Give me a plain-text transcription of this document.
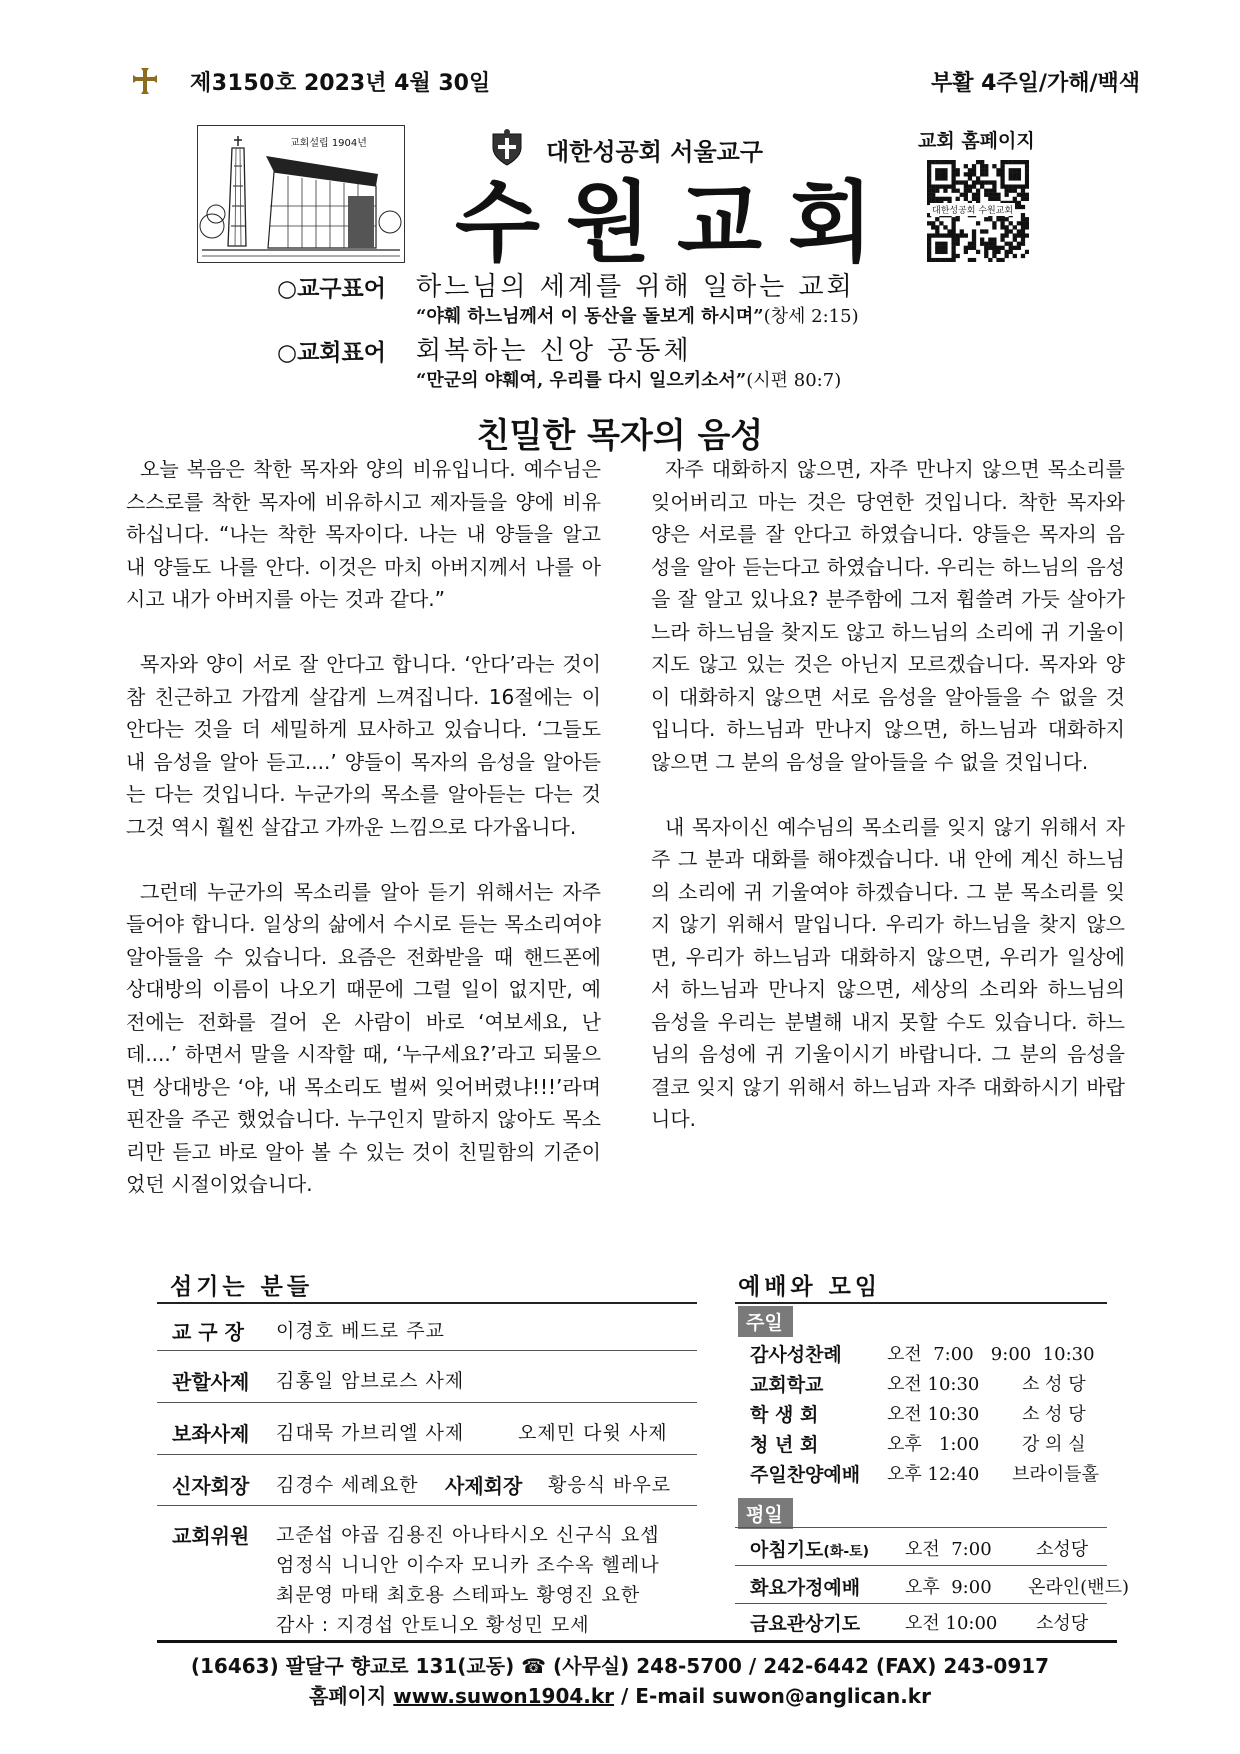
제3150호 2023년 4월 30일	부활 4주일/가해/백색
교회설립 1904년	대한성공회 서울교구
수원교회
교회 홈페이지
대한성공회 수원교회
○교구표어 하느님의 세계를 위해 일하는 교회
“야훼 하느님께서 이 동산을 돌보게 하시며”(창세 2:15)
○교회표어 회복하는 신앙 공동체
“만군의 야훼여, 우리를 다시 일으키소서”(시편 80:7)
친밀한 목자의 음성

오늘 복음은 착한 목자와 양의 비유입니다. 예수님은 스스로를 착한 목자에 비유하시고 제자들을 양에 비유하십니다. “나는 착한 목자이다. 나는 내 양들을 알고 내 양들도 나를 안다. 이것은 마치 아버지께서 나를 아시고 내가 아버지를 아는 것과 같다.”

목자와 양이 서로 잘 안다고 합니다. ‘안다’라는 것이 참 친근하고 가깝게 살갑게 느껴집니다. 16절에는 이 안다는 것을 더 세밀하게 묘사하고 있습니다. ‘그들도 내 음성을 알아 듣고....’ 양들이 목자의 음성을 알아듣는 다는 것입니다. 누군가의 목소를 알아듣는 다는 것 그것 역시 훨씬 살갑고 가까운 느낌으로 다가옵니다.

그런데 누군가의 목소리를 알아 듣기 위해서는 자주 들어야 합니다. 일상의 삶에서 수시로 듣는 목소리여야 알아들을 수 있습니다. 요즘은 전화받을 때 핸드폰에 상대방의 이름이 나오기 때문에 그럴 일이 없지만, 예전에는 전화를 걸어 온 사람이 바로 ‘여보세요, 난데....’ 하면서 말을 시작할 때, ‘누구세요?’라고 되물으면 상대방은 ‘야, 내 목소리도 벌써 잊어버렸냐!!!’라며 핀잔을 주곤 했었습니다. 누구인지 말하지 않아도 목소리만 듣고 바로 알아 볼 수 있는 것이 친밀함의 기준이었던 시절이었습니다.

자주 대화하지 않으면, 자주 만나지 않으면 목소리를 잊어버리고 마는 것은 당연한 것입니다. 착한 목자와 양은 서로를 잘 안다고 하였습니다. 양들은 목자의 음성을 알아 듣는다고 하였습니다. 우리는 하느님의 음성을 잘 알고 있나요? 분주함에 그저 휩쓸려 가듯 살아가느라 하느님을 찾지도 않고 하느님의 소리에 귀 기울이지도 않고 있는 것은 아닌지 모르겠습니다. 목자와 양이 대화하지 않으면 서로 음성을 알아들을 수 없을 것입니다. 하느님과 만나지 않으면, 하느님과 대화하지 않으면 그 분의 음성을 알아들을 수 없을 것입니다.

내 목자이신 예수님의 목소리를 잊지 않기 위해서 자주 그 분과 대화를 해야겠습니다. 내 안에 계신 하느님의 소리에 귀 기울여야 하겠습니다. 그 분 목소리를 잊지 않기 위해서 말입니다. 우리가 하느님을 찾지 않으면, 우리가 하느님과 대화하지 않으면, 우리가 일상에서 하느님과 만나지 않으면, 세상의 소리와 하느님의 음성을 우리는 분별해 내지 못할 수도 있습니다. 하느님의 음성에 귀 기울이시기 바랍니다. 그 분의 음성을 결코 잊지 않기 위해서 하느님과 자주 대화하시기 바랍니다.

섬기는 분들
교 구 장 이경호 베드로 주교
관할사제 김홍일 암브로스 사제
보좌사제 김대묵 가브리엘 사제	오제민 다윗 사제
신자회장 김경수 세례요한 사제회장 황응식 바우로
교회위원 고준섭 야곱 김용진 아나타시오 신구식 요셉
엄정식 니니안 이수자 모니카 조수옥 헬레나
최문영 마태 최호용 스테파노 황영진 요한
감사 : 지경섭 안토니오 황성민 모세
예배와 모임
주일
감사성찬례	오전  7:00   9:00  10:30
교회학교	오전 10:30 소 성 당
학 생 회	오전 10:30 소 성 당
청 년 회	오후   1:00 강 의 실
주일찬양예배 오후 12:40 브라이들홀
평일
아침기도(화-토) 오전  7:00 소성당
화요가정예배 오후  9:00 온라인(밴드)
금요관상기도 오전 10:00 소성당
(16463) 팔달구 향교로 131(교동) ☎ (사무실) 248-5700 / 242-6442 (FAX) 243-0917
홈페이지 www.suwon1904.kr / E-mail suwon@anglican.kr
